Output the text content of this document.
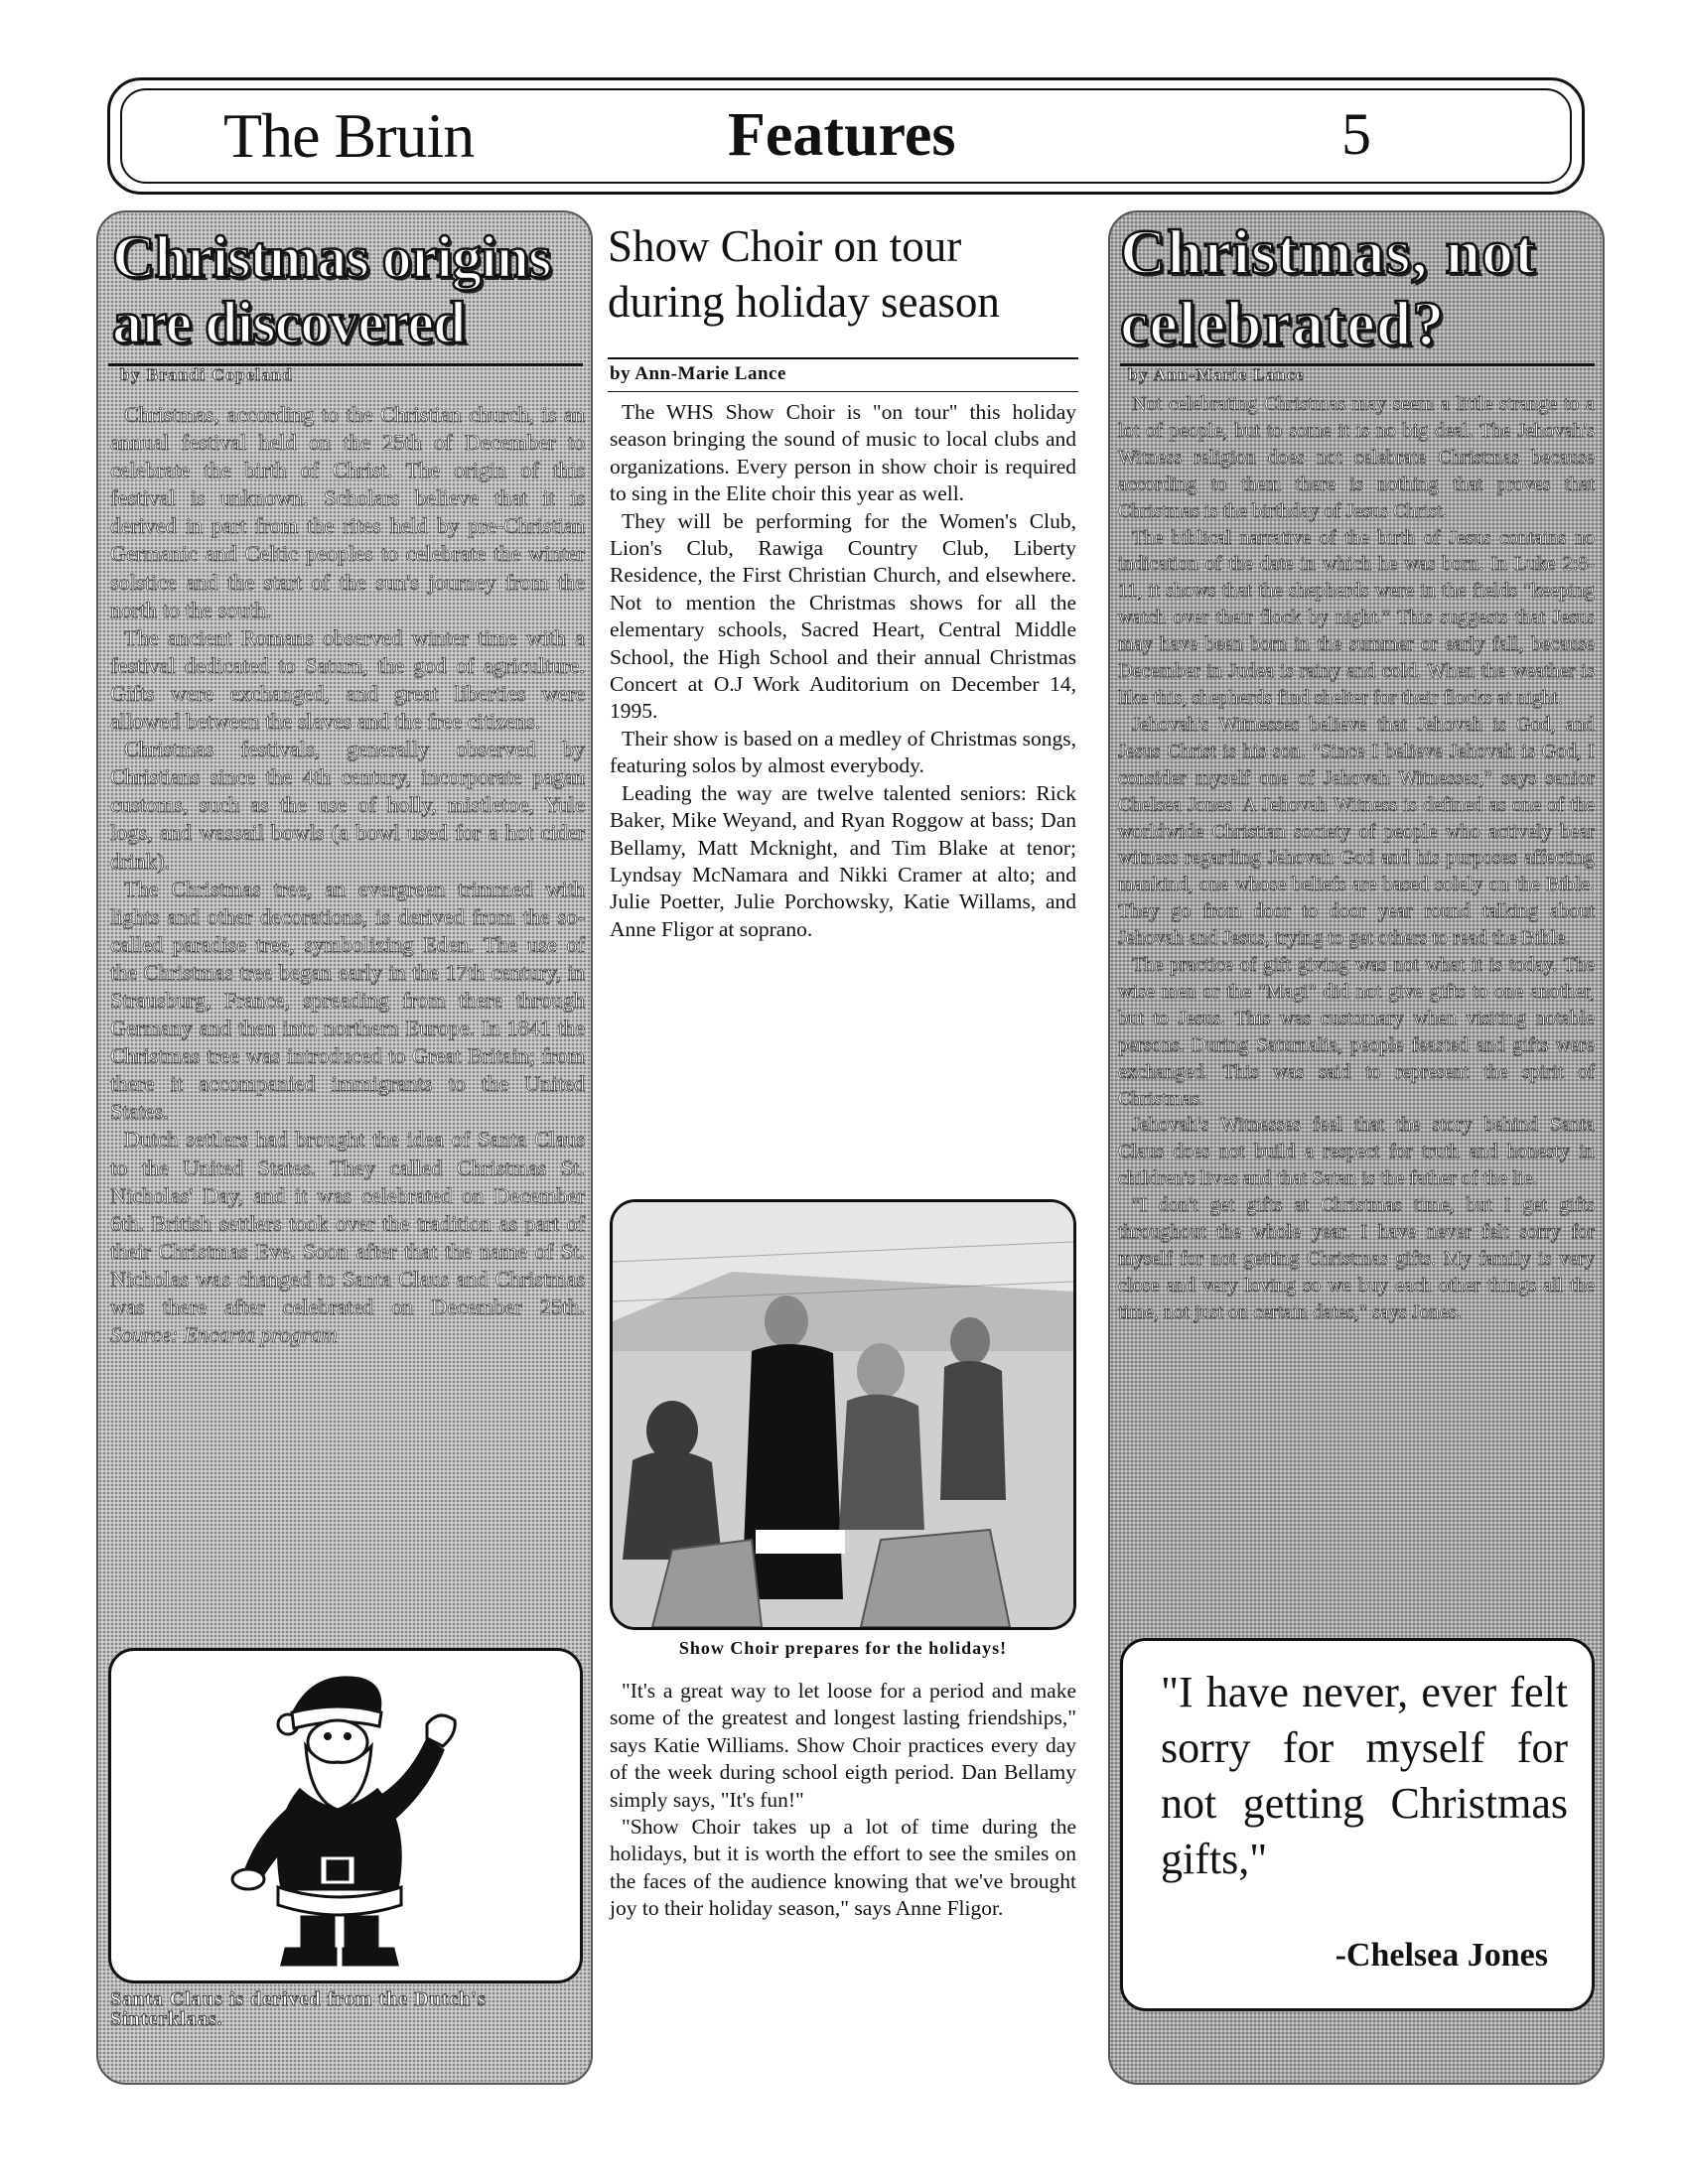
The Bruin	Features	5
Christmas origins are discovered
by Brandi Copeland

Christmas, according to the Christian church, is an annual festival held on the 25th of December to celebrate the birth of Christ. The origin of this festival is unknown. Scholars believe that it is derived in part from the rites held by pre-Christian Germanic and Celtic peoples to celebrate the winter solstice and the start of the sun's journey from the north to the south.

The ancient Romans observed winter time with a festival dedicated to Saturn, the god of agriculture. Gifts were exchanged, and great liberties were allowed between the slaves and the free citizens.

Christmas festivals, generally observed by Christians since the 4th century, incorporate pagan customs, such as the use of holly, mistletoe, Yule logs, and wassail bowls (a bowl used for a hot cider drink).

The Christmas tree, an evergreen trimmed with lights and other decorations, is derived from the so-called paradise tree, symbolizing Eden. The use of the Christmas tree began early in the 17th century, in Strausburg, France, spreading from there through Germany and then into northern Europe. In 1841 the Christmas tree was introduced to Great Britain; from there it accompanied immigrants to the United States.

Dutch settlers had brought the idea of Santa Claus to the United States. They called Christmas St. Nicholas' Day, and it was celebrated on December 6th. British settlers took over the tradition as part of their Christmas Eve. Soon after that the name of St. Nicholas was changed to Santa Claus and Christmas was there after celebrated on December 25th. Source: Encarta program

Santa Claus is derived from the Dutch's Sinterklaas.

Show Choir on tour during holiday season
by Ann-Marie Lance

The WHS Show Choir is "on tour" this holiday season bringing the sound of music to local clubs and organizations. Every person in show choir is required to sing in the Elite choir this year as well.

They will be performing for the Women's Club, Lion's Club, Rawiga Country Club, Liberty Residence, the First Christian Church, and elsewhere. Not to mention the Christmas shows for all the elementary schools, Sacred Heart, Central Middle School, the High School and their annual Christmas Concert at O.J Work Auditorium on December 14, 1995.

Their show is based on a medley of Christmas songs, featuring solos by almost everybody.

Leading the way are twelve talented seniors: Rick Baker, Mike Weyand, and Ryan Roggow at bass; Dan Bellamy, Matt Mcknight, and Tim Blake at tenor; Lyndsay McNamara and Nikki Cramer at alto; and Julie Poetter, Julie Porchowsky, Katie Willams, and Anne Fligor at soprano.

Show Choir prepares for the holidays!

"It's a great way to let loose for a period and make some of the greatest and longest lasting friendships," says Katie Williams. Show Choir practices every day of the week during school eigth period. Dan Bellamy simply says, "It's fun!"

"Show Choir takes up a lot of time during the holidays, but it is worth the effort to see the smiles on the faces of the audience knowing that we've brought joy to their holiday season," says Anne Fligor.

Christmas, not celebrated?
by Ann-Marie Lance

Not celebrating Christmas may seem a little strange to a lot of people, but to some it is no big deal. The Jehovah's Witness religion does not celebrate Christmas because according to them there is nothing that proves that Christmas is the birthday of Jesus Christ.

The biblical narrative of the birth of Jesus contains no indication of the date in which he was born. In Luke 2:8-11, it shows that the shepherds were in the fields "keeping watch over their flock by night." This suggests that Jesus may have been born in the summer or early fall, because December in Judea is rainy and cold. When the weather is like this, shepherds find shelter for their flocks at night.

Jehovah's Witnesses believe that Jehovah is God, and Jesus Christ is his son. "Since I believe Jehovah is God, I consider myself one of Jehovah Witnesses," says senior Chelsea Jones. A Jehovah Witness is defined as one of the worldwide Christian society of people who actively bear witness regarding Jehovah God and his purposes affecting mankind, one whose beliefs are based solely on the Bible. They go from door to door year round talking about Jehovah and Jesus, trying to get others to read the Bible.

The practice of gift giving was not what it is today. The wise men or the "Magi" did not give gifts to one another, but to Jesus. This was customary when visiting notable persons. During Saturnalia, people feasted and gifts were exchanged. This was said to represent the spirit of Christmas.

Jehovah's Witnesses feel that the story behind Santa Claus does not build a respect for truth and honesty in children's lives and that Satan is the father of the lie.

"I don't get gifts at Christmas time, but I get gifts throughout the whole year. I have never felt sorry for myself for not getting Christmas gifts. My family is very close and very loving so we buy each other things all the time, not just on certain dates," says Jones.

"I have never, ever felt sorry for myself for not getting Christmas gifts,"

-Chelsea Jones
